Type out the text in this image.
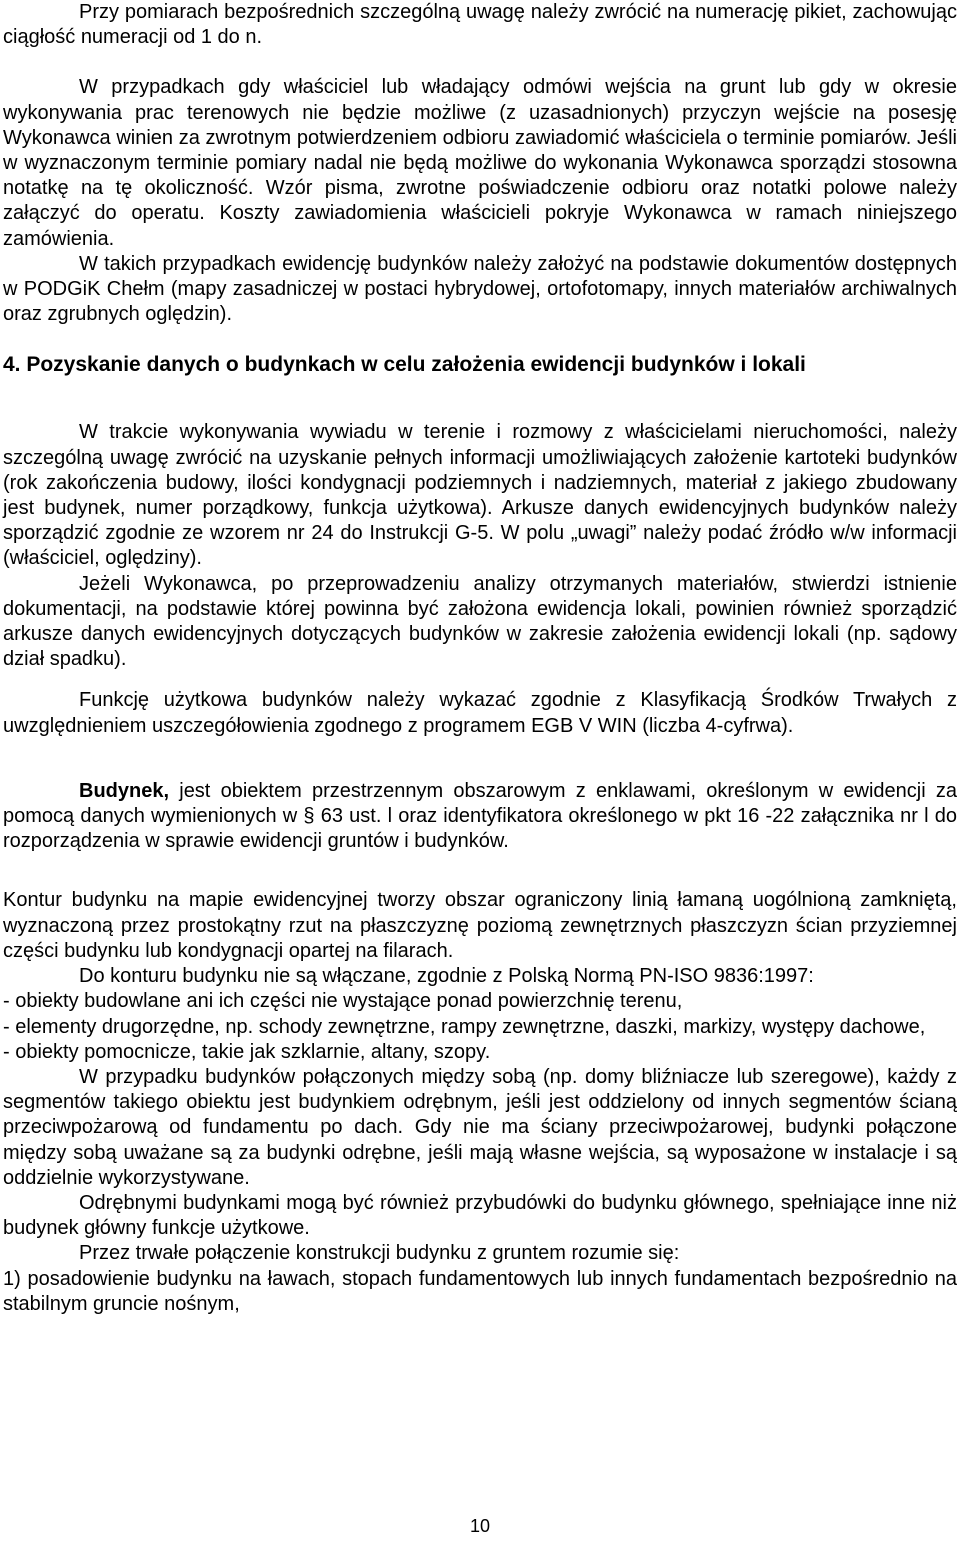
Przy pomiarach bezpośrednich szczególną uwagę należy zwrócić na numerację pikiet, zachowując ciągłość numeracji od 1 do n.

W przypadkach gdy właściciel lub władający odmówi wejścia na grunt lub gdy w okresie wykonywania prac terenowych nie będzie możliwe (z uzasadnionych) przyczyn wejście na posesję Wykonawca winien za zwrotnym potwierdzeniem odbioru zawiadomić właściciela o terminie pomiarów. Jeśli w wyznaczonym terminie pomiary nadal nie będą możliwe do wykonania Wykonawca sporządzi stosowna notatkę na tę okoliczność. Wzór pisma, zwrotne poświadczenie odbioru oraz notatki polowe należy załączyć do operatu. Koszty zawiadomienia właścicieli pokryje Wykonawca w ramach niniejszego zamówienia.

W takich przypadkach ewidencję budynków należy założyć na podstawie dokumentów dostępnych w PODGiK Chełm (mapy zasadniczej w postaci hybrydowej, ortofotomapy, innych materiałów archiwalnych oraz zgrubnych oględzin).

4. Pozyskanie danych o budynkach w celu założenia ewidencji budynków i lokali

W trakcie wykonywania wywiadu w terenie i rozmowy z właścicielami nieruchomości, należy szczególną uwagę zwrócić na uzyskanie pełnych informacji umożliwiających założenie kartoteki budynków (rok zakończenia budowy, ilości kondygnacji podziemnych i nadziemnych, materiał z jakiego zbudowany jest budynek, numer porządkowy, funkcja użytkowa). Arkusze danych ewidencyjnych budynków należy sporządzić zgodnie ze wzorem nr 24 do Instrukcji G-5. W polu „uwagi” należy podać źródło w/w informacji (właściciel, oględziny).

Jeżeli Wykonawca, po przeprowadzeniu analizy otrzymanych materiałów, stwierdzi istnienie dokumentacji, na podstawie której powinna być założona ewidencja lokali, powinien również sporządzić arkusze danych ewidencyjnych dotyczących budynków w zakresie założenia ewidencji lokali (np. sądowy dział spadku).

Funkcję użytkowa budynków należy wykazać zgodnie z Klasyfikacją Środków Trwałych z uwzględnieniem uszczegółowienia zgodnego z programem EGB V WIN (liczba 4-cyfrwa).

Budynek, jest obiektem przestrzennym obszarowym z enklawami, określonym w ewidencji za pomocą danych wymienionych w § 63 ust. l oraz identyfikatora określonego w pkt 16 -22 załącznika nr l do rozporządzenia w sprawie ewidencji gruntów i budynków.

Kontur budynku na mapie ewidencyjnej tworzy obszar ograniczony linią łamaną uogólnioną zamkniętą, wyznaczoną przez prostokątny rzut na płaszczyznę poziomą zewnętrznych płaszczyzn ścian przyziemnej części budynku lub kondygnacji opartej na filarach.

Do konturu budynku nie są włączane, zgodnie z Polską Normą PN-ISO 9836:1997:

- obiekty budowlane ani ich części nie wystające ponad powierzchnię terenu,

- elementy drugorzędne, np. schody zewnętrzne, rampy zewnętrzne, daszki, markizy, występy dachowe,

- obiekty pomocnicze, takie jak szklarnie, altany, szopy.

W przypadku budynków połączonych między sobą (np. domy bliźniacze lub szeregowe), każdy z segmentów takiego obiektu jest budynkiem odrębnym, jeśli jest oddzielony od innych segmentów ścianą przeciwpożarową od fundamentu po dach. Gdy nie ma ściany przeciwpożarowej, budynki połączone między sobą uważane są za budynki odrębne, jeśli mają własne wejścia, są wyposażone w instalacje i są oddzielnie wykorzystywane.

Odrębnymi budynkami mogą być również przybudówki do budynku głównego, spełniające inne niż budynek główny funkcje użytkowe.

Przez trwałe połączenie konstrukcji budynku z gruntem rozumie się:

1) posadowienie budynku na ławach, stopach fundamentowych lub innych fundamentach bezpośrednio na stabilnym gruncie nośnym,

10
